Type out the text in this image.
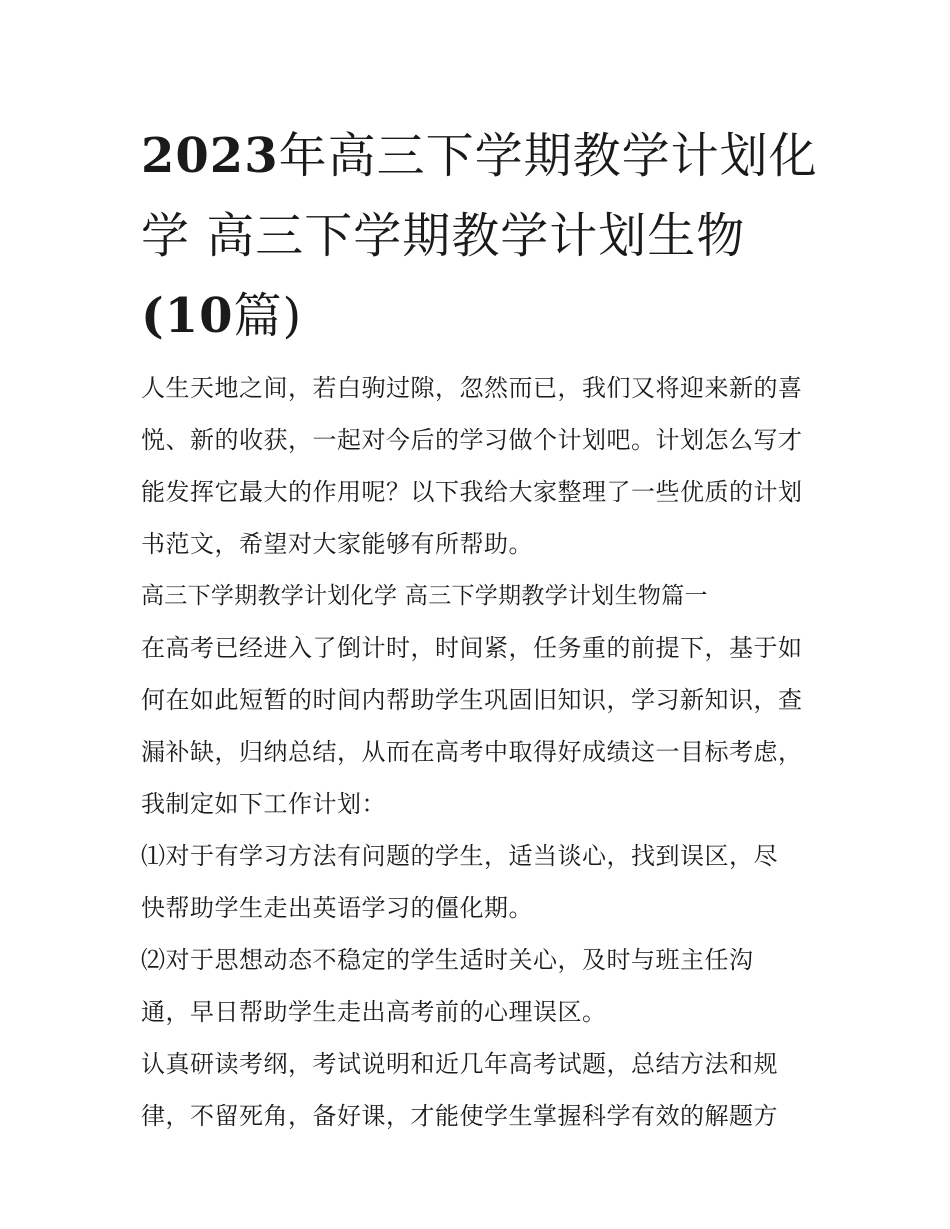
2023年高三下学期教学计划化
学 高三下学期教学计划生物
(10篇)
人生天地之间，若白驹过隙，忽然而已，我们又将迎来新的喜
悦、新的收获，一起对今后的学习做个计划吧。计划怎么写才
能发挥它最大的作用呢？以下我给大家整理了一些优质的计划
书范文，希望对大家能够有所帮助。
高三下学期教学计划化学 高三下学期教学计划生物篇一
在高考已经进入了倒计时，时间紧，任务重的前提下，基于如
何在如此短暂的时间内帮助学生巩固旧知识，学习新知识，查
漏补缺，归纳总结，从而在高考中取得好成绩这一目标考虑，
我制定如下工作计划：
⑴对于有学习方法有问题的学生，适当谈心，找到误区，尽
快帮助学生走出英语学习的僵化期。
⑵对于思想动态不稳定的学生适时关心，及时与班主任沟
通，早日帮助学生走出高考前的心理误区。
认真研读考纲，考试说明和近几年高考试题，总结方法和规
律，不留死角，备好课，才能使学生掌握科学有效的解题方
